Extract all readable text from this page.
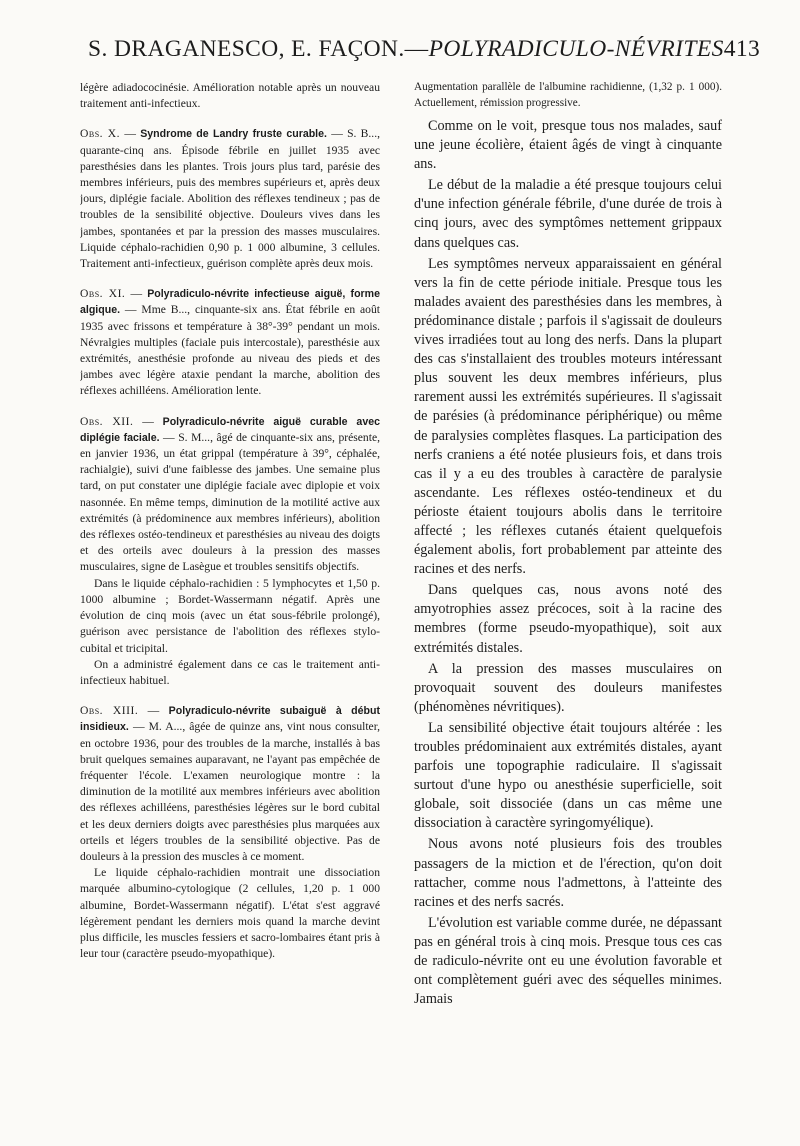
S. DRAGANESCO, E. FAÇON. — POLYRADICULO-NÉVRITES 413

légère adiadococinésie. Amélioration notable après un nouveau traitement anti-infectieux.

Obs. X. — Syndrome de Landry fruste curable. — S. B..., quarante-cinq ans. Épisode fébrile en juillet 1935 avec paresthésies dans les plantes. Trois jours plus tard, parésie des membres inférieurs, puis des membres supérieurs et, après deux jours, diplégie faciale. Abolition des réflexes tendineux ; pas de troubles de la sensibilité objective. Douleurs vives dans les jambes, spontanées et par la pression des masses musculaires. Liquide céphalo-rachidien 0,90 p. 1 000 albumine, 3 cellules. Traitement anti-infectieux, guérison complète après deux mois.

Obs. XI. — Polyradiculo-névrite infectieuse aiguë, forme algique. — Mme B..., cinquante-six ans. État fébrile en août 1935 avec frissons et température à 38°-39° pendant un mois. Névralgies multiples (faciale puis intercostale), paresthésie aux extrémités, anesthésie profonde au niveau des pieds et des jambes avec légère ataxie pendant la marche, abolition des réflexes achilléens. Amélioration lente.

Obs. XII. — Polyradiculo-névrite aiguë curable avec diplégie faciale. — S. M..., âgé de cinquante-six ans, présente, en janvier 1936, un état grippal (température à 39°, céphalée, rachialgie), suivi d'une faiblesse des jambes. Une semaine plus tard, on put constater une diplégie faciale avec diplopie et voix nasonnée. En même temps, diminution de la motilité active aux extrémités (à prédominence aux membres inférieurs), abolition des réflexes ostéo-tendineux et paresthésies au niveau des doigts et des orteils avec douleurs à la pression des masses musculaires, signe de Lasègue et troubles sensitifs objectifs.

Dans le liquide céphalo-rachidien : 5 lymphocytes et 1,50 p. 1000 albumine ; Bordet-Wassermann négatif. Après une évolution de cinq mois (avec un état sous-fébrile prolongé), guérison avec persistance de l'abolition des réflexes stylo-cubital et tricipital.

On a administré également dans ce cas le traitement anti-infectieux habituel.

Obs. XIII. — Polyradiculo-névrite subaiguë à début insidieux. — M. A..., âgée de quinze ans, vint nous consulter, en octobre 1936, pour des troubles de la marche, installés à bas bruit quelques semaines auparavant, ne l'ayant pas empêchée de fréquenter l'école. L'examen neurologique montre : la diminution de la motilité aux membres inférieurs avec abolition des réflexes achilléens, paresthésies légères sur le bord cubital et les deux derniers doigts avec paresthésies plus marquées aux orteils et légers troubles de la sensibilité objective. Pas de douleurs à la pression des muscles à ce moment.

Le liquide céphalo-rachidien montrait une dissociation marquée albumino-cytologique (2 cellules, 1,20 p. 1 000 albumine, Bordet-Wassermann négatif). L'état s'est aggravé légèrement pendant les derniers mois quand la marche devint plus difficile, les muscles fessiers et sacro-lombaires étant pris à leur tour (caractère pseudo-myopathique).

Augmentation parallèle de l'albumine rachidienne, (1,32 p. 1 000). Actuellement, rémission progressive.

Comme on le voit, presque tous nos malades, sauf une jeune écolière, étaient âgés de vingt à cinquante ans.

Le début de la maladie a été presque toujours celui d'une infection générale fébrile, d'une durée de trois à cinq jours, avec des symptômes nettement grippaux dans quelques cas.

Les symptômes nerveux apparaissaient en général vers la fin de cette période initiale. Presque tous les malades avaient des paresthésies dans les membres, à prédominance distale ; parfois il s'agissait de douleurs vives irradiées tout au long des nerfs. Dans la plupart des cas s'installaient des troubles moteurs intéressant plus souvent les deux membres inférieurs, plus rarement aussi les extrémités supérieures. Il s'agissait de parésies (à prédominance périphérique) ou même de paralysies complètes flasques. La participation des nerfs craniens a été notée plusieurs fois, et dans trois cas il y a eu des troubles à caractère de paralysie ascendante. Les réflexes ostéo-tendineux et du périoste étaient toujours abolis dans le territoire affecté ; les réflexes cutanés étaient quelquefois également abolis, fort probablement par atteinte des racines et des nerfs.

Dans quelques cas, nous avons noté des amyotrophies assez précoces, soit à la racine des membres (forme pseudo-myopathique), soit aux extrémités distales.

A la pression des masses musculaires on provoquait souvent des douleurs manifestes (phénomènes névritiques).

La sensibilité objective était toujours altérée : les troubles prédominaient aux extrémités distales, ayant parfois une topographie radiculaire. Il s'agissait surtout d'une hypo ou anesthésie superficielle, soit globale, soit dissociée (dans un cas même une dissociation à caractère syringomyélique).

Nous avons noté plusieurs fois des troubles passagers de la miction et de l'érection, qu'on doit rattacher, comme nous l'admettons, à l'atteinte des racines et des nerfs sacrés.

L'évolution est variable comme durée, ne dépassant pas en général trois à cinq mois. Presque tous ces cas de radiculo-névrite ont eu une évolution favorable et ont complètement guéri avec des séquelles minimes. Jamais
